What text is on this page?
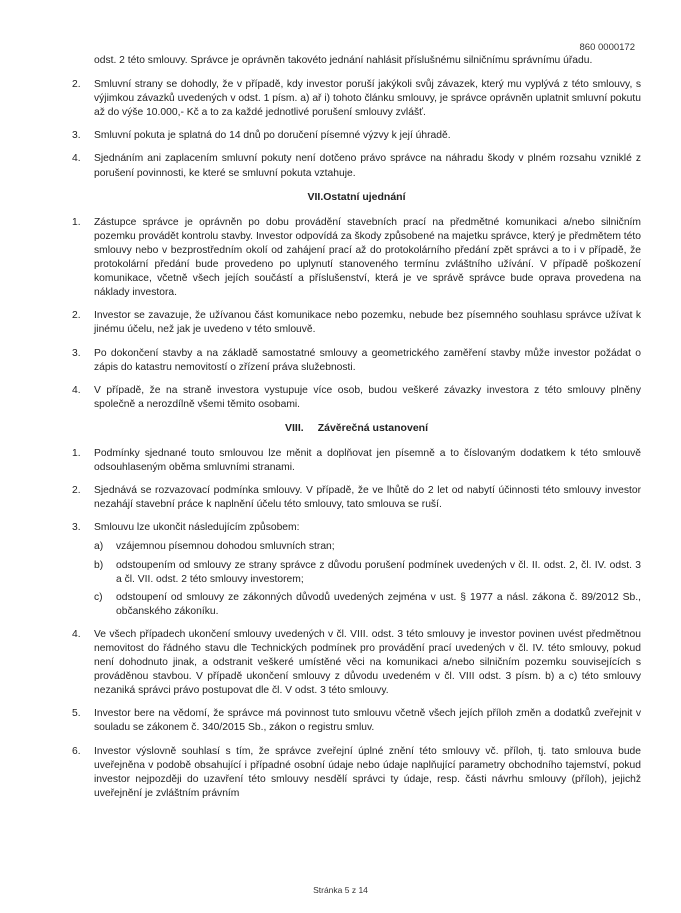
860 0000172
odst. 2 této smlouvy. Správce je oprávněn takovéto jednání nahlásit příslušnému silničnímu správnímu úřadu.
2.	Smluvní strany se dohodly, že v případě, kdy investor poruší jakýkoli svůj závazek, který mu vyplývá z této smlouvy, s výjimkou závazků uvedených v odst. 1 písm. a) ař i) tohoto článku smlouvy, je správce oprávněn uplatnit smluvní pokutu až do výše 10.000,- Kč a to za každé jednotlivé porušení smlouvy zvlášť.
3.	Smluvní pokuta je splatná do 14 dnů po doručení písemné výzvy k její úhradě.
4.	Sjednáním ani zaplacením smluvní pokuty není dotčeno právo správce na náhradu škody v plném rozsahu vzniklé z porušení povinnosti, ke které se smluvní pokuta vztahuje.
VII.Ostatní ujednání
1.	Zástupce správce je oprávněn po dobu provádění stavebních prací na předmětné komunikaci a/nebo silničním pozemku provádět kontrolu stavby. Investor odpovídá za škody způsobené na majetku správce, který je předmětem této smlouvy nebo v bezprostředním okolí od zahájení prací až do protokolárního předání zpět správci a to i v případě, že protokolární předání bude provedeno po uplynutí stanoveného termínu zvláštního užívání. V případě poškození komunikace, včetně všech jejích součástí a příslušenství, která je ve správě správce bude oprava provedena na náklady investora.
2.	Investor se zavazuje, že užívanou část komunikace nebo pozemku, nebude bez písemného souhlasu správce užívat k jinému účelu, než jak je uvedeno v této smlouvě.
3.	Po dokončení stavby a na základě samostatné smlouvy a geometrického zaměření stavby může investor požádat o zápis do katastru nemovitostí o zřízení práva služebnosti.
4.	V případě, že na straně investora vystupuje více osob, budou veškeré závazky investora z této smlouvy plněny společně a nerozdílně všemi těmito osobami.
VIII. Závěrečná ustanovení
1.	Podmínky sjednané touto smlouvou lze měnit a doplňovat jen písemně a to číslovaným dodatkem k této smlouvě odsouhlaseným oběma smluvními stranami.
2.	Sjednává se rozvazovací podmínka smlouvy. V případě, že ve lhůtě do 2 let od nabytí účinnosti této smlouvy investor nezahájí stavební práce k naplnění účelu této smlouvy, tato smlouva se ruší.
3.	Smlouvu lze ukončit následujícím způsobem:
a) vzájemnou písemnou dohodou smluvních stran;
b) odstoupením od smlouvy ze strany správce z důvodu porušení podmínek uvedených v čl. II. odst. 2, čl. IV. odst. 3 a čl. VII. odst. 2 této smlouvy investorem;
c) odstoupení od smlouvy ze zákonných důvodů uvedených zejména v ust. § 1977 a násl. zákona č. 89/2012 Sb., občanského zákoníku.
4.	Ve všech případech ukončení smlouvy uvedených v čl. VIII. odst. 3 této smlouvy je investor povinen uvést předmětnou nemovitost do řádného stavu dle Technických podmínek pro provádění prací uvedených v čl. IV. této smlouvy, pokud není dohodnuto jinak, a odstranit veškeré umístěné věci na komunikaci a/nebo silničním pozemku souvisejících s prováděnou stavbou. V případě ukončení smlouvy z důvodu uvedeném v čl. VIII odst. 3 písm. b) a c) této smlouvy nezaniká správci právo postupovat dle čl. V odst. 3 této smlouvy.
5.	Investor bere na vědomí, že správce má povinnost tuto smlouvu včetně všech jejích příloh změn a dodatků zveřejnit v souladu se zákonem č. 340/2015 Sb., zákon o registru smluv.
6.	Investor výslovně souhlasí s tím, že správce zveřejní úplné znění této smlouvy vč. příloh, tj. tato smlouva bude uveřejněna v podobě obsahující i případné osobní údaje nebo údaje naplňující parametry obchodního tajemství, pokud investor nejpozději do uzavření této smlouvy nesdělí správci ty údaje, resp. části návrhu smlouvy (příloh), jejichž uveřejnění je zvláštním právním
Stránka 5 z 14
